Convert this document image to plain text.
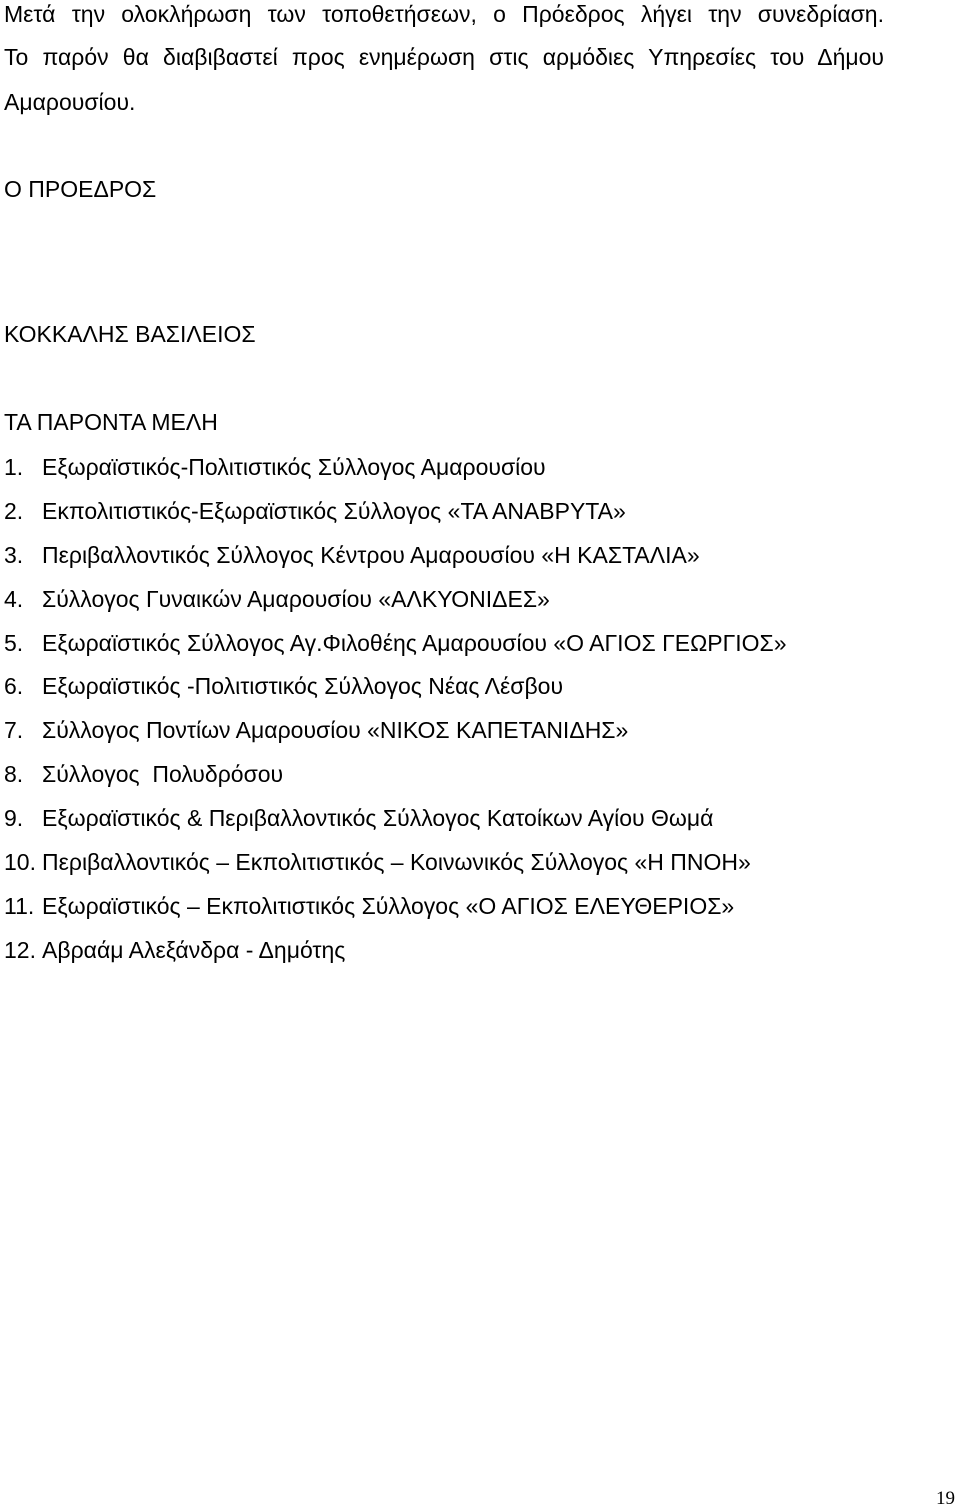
Μετά την ολοκλήρωση των τοποθετήσεων, ο Πρόεδρος λήγει την συνεδρίαση.
Το παρόν θα διαβιβαστεί προς ενημέρωση στις αρμόδιες Υπηρεσίες του Δήμου
Αμαρουσίου.
Ο ΠΡΟΕΔΡΟΣ
ΚΟΚΚΑΛΗΣ ΒΑΣΙΛΕΙΟΣ
ΤΑ ΠΑΡΟΝΤΑ ΜΕΛΗ
1. Εξωραϊστικός-Πολιτιστικός Σύλλογος Αμαρουσίου
2. Εκπολιτιστικός-Εξωραϊστικός Σύλλογος «ΤΑ ΑΝΑΒΡΥΤΑ»
3. Περιβαλλοντικός Σύλλογος Κέντρου Αμαρουσίου «Η ΚΑΣΤΑΛΙΑ»
4. Σύλλογος Γυναικών Αμαρουσίου «ΑΛΚΥΟΝΙΔΕΣ»
5. Εξωραϊστικός Σύλλογος Αγ.Φιλοθέης Αμαρουσίου «Ο ΑΓΙΟΣ ΓΕΩΡΓΙΟΣ»
6. Εξωραϊστικός -Πολιτιστικός Σύλλογος Νέας Λέσβου
7. Σύλλογος Ποντίων Αμαρουσίου «ΝΙΚΟΣ ΚΑΠΕΤΑΝΙΔΗΣ»
8. Σύλλογος  Πολυδρόσου
9. Εξωραϊστικός & Περιβαλλοντικός Σύλλογος Κατοίκων Αγίου Θωμά
10. Περιβαλλοντικός – Εκπολιτιστικός – Κοινωνικός Σύλλογος «Η ΠΝΟΗ»
11. Εξωραϊστικός – Εκπολιτιστικός Σύλλογος «Ο ΑΓΙΟΣ ΕΛΕΥΘΕΡΙΟΣ»
12. Αβραάμ Αλεξάνδρα - Δημότης
19
